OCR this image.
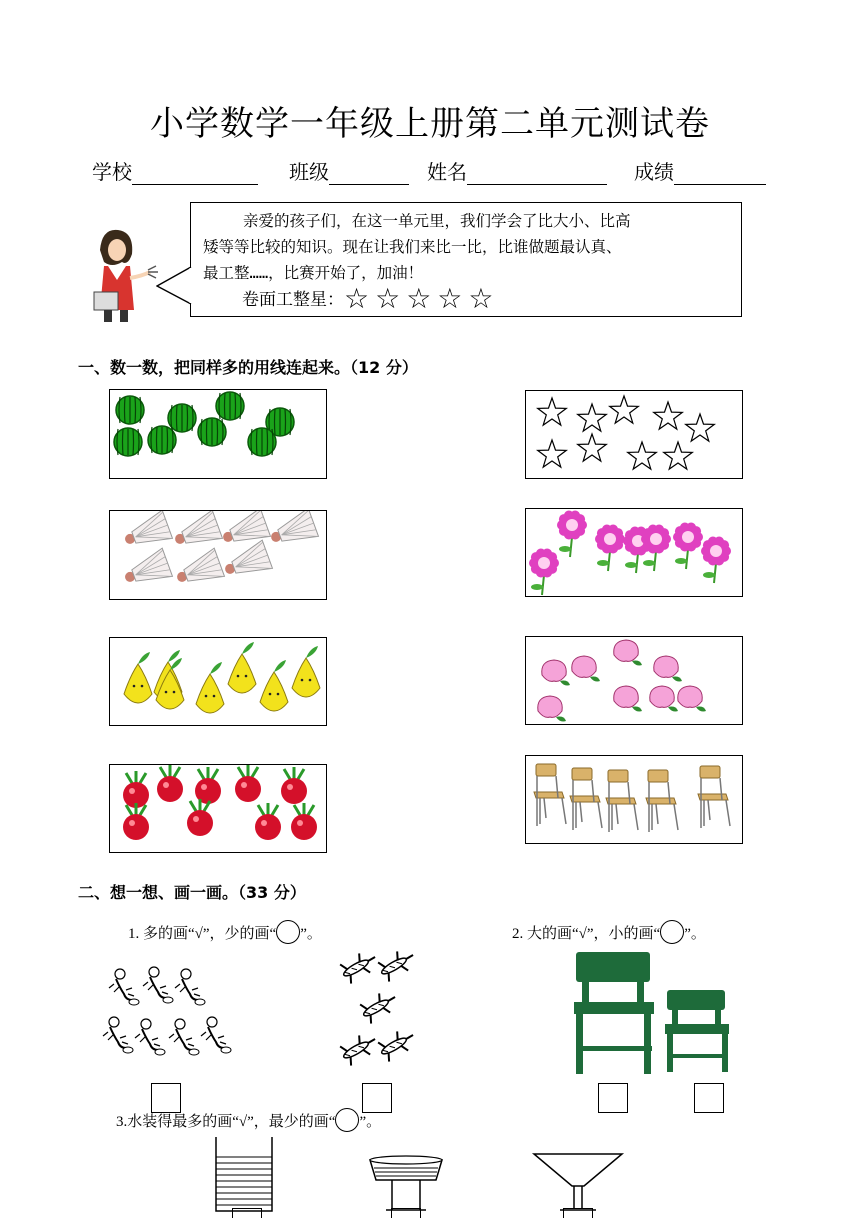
小学数学一年级上册第二单元测试卷
学校	班级	姓名	成绩
亲爱的孩子们，在这一单元里，我们学会了比大小、比高
矮等等比较的知识。现在让我们来比一比，比谁做题最认真、
最工整……，比赛开始了，加油！
卷面工整星：☆☆☆☆☆
一、数一数，把同样多的用线连起来。（12 分）
二、想一想、画一画。（33 分）
1. 多的画“√”，少的画“ ”。	2. 大的画“√”，小的画“ ”。
3.水装得最多的画“√”，最少的画“ ”。
